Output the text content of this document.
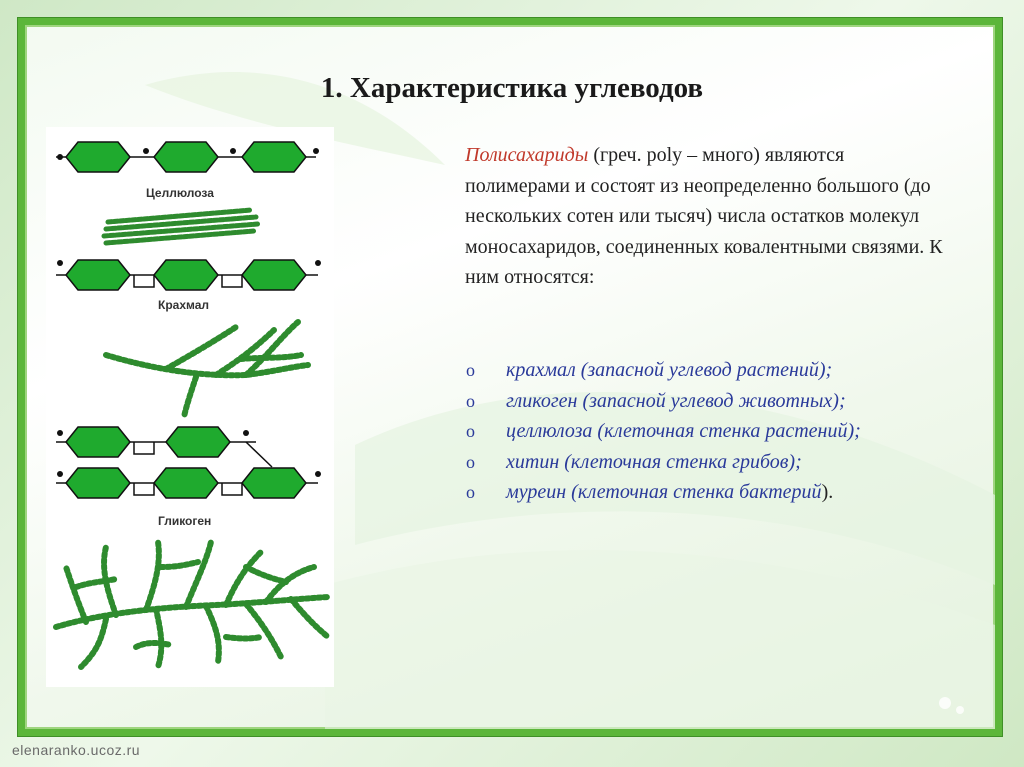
1. Характеристика углеводов
Целлюлоза
Крахмал
Гликоген
Полисахариды (греч. poly – много) являются полимерами и состоят из неопределенно большого (до нескольких сотен или тысяч) числа остатков молекул моносахаридов, соединенных ковалентными связями. К ним относятся:
o крахмал (запасной углевод растений);
o гликоген (запасной углевод животных);
o целлюлоза (клеточная стенка растений);
o хитин (клеточная стенка грибов);
o муреин (клеточная стенка бактерий).
elenaranko.ucoz.ru
